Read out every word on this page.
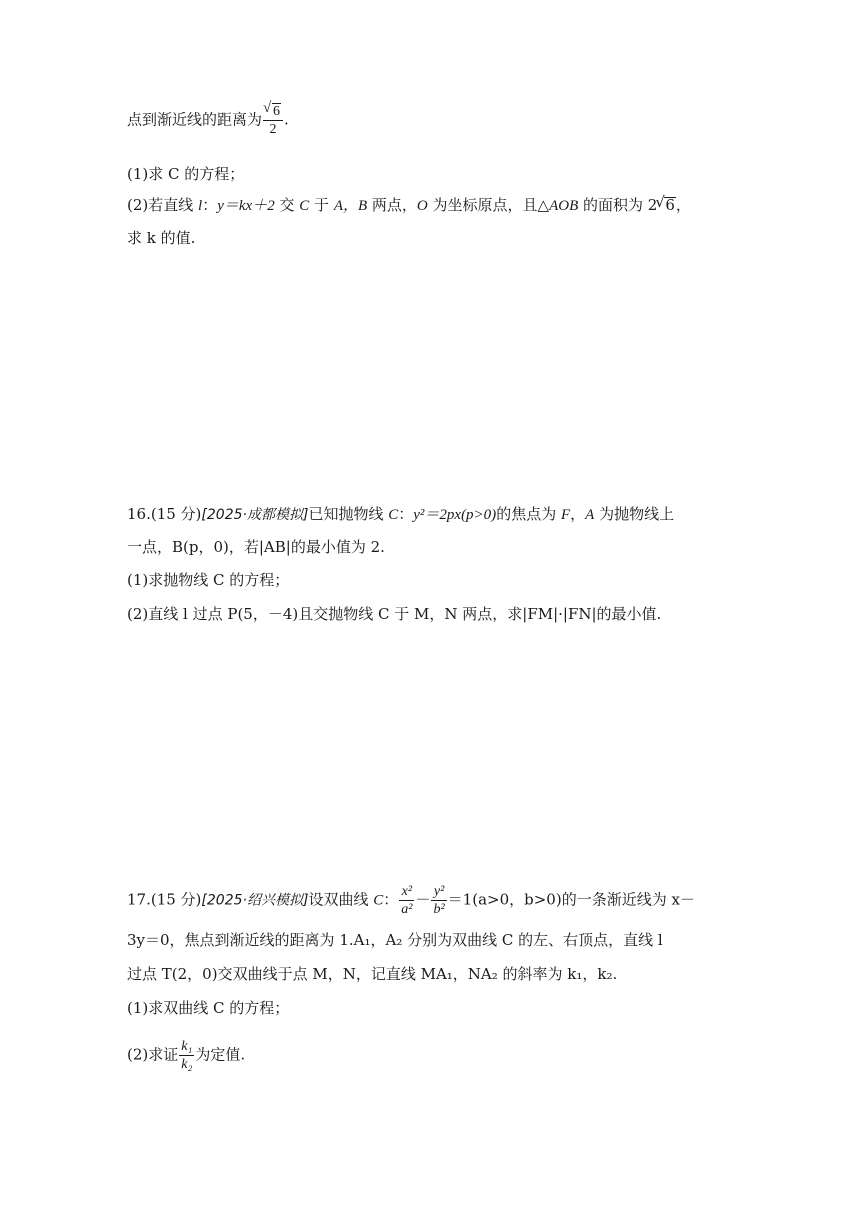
点到渐近线的距离为 √ $\frac{6}{2}$ .
(1)求 C 的方程；
(2)若直线 l：y＝kx＋2 交 C 于 A，B 两点，O 为坐标原点，且△AOB 的面积为 2 √ 6，
求 k 的值.
16.(15 分)[2025·成都模拟]已知抛物线 C：y²＝2px(p>0)的焦点为 F，A 为抛物线上
一点，B(p，0)，若|AB|的最小值为 2.
(1)求抛物线 C 的方程；
(2)直线 l 过点 P(5，－4)且交抛物线 C 于 M，N 两点，求|FM|·|FN|的最小值.
17.(15 分)[2025·绍兴模拟]设双曲线 C： $\frac{\text{x²}}{\text{a²}} - \frac{\text{y²}}{\text{b²}} =1(a>0$，b>0)的一条渐近线为 x－
3y＝0，焦点到渐近线的距离为 1.A₁，A₂ 分别为双曲线 C 的左、右顶点，直线 l
过点 T(2，0)交双曲线于点 M，N，记直线 MA₁，NA₂ 的斜率为 k₁，k₂.
(1)求双曲线 C 的方程；
(2)求证 $\frac{\text{k₁}}{\text{k₂}}$ 为定值.
